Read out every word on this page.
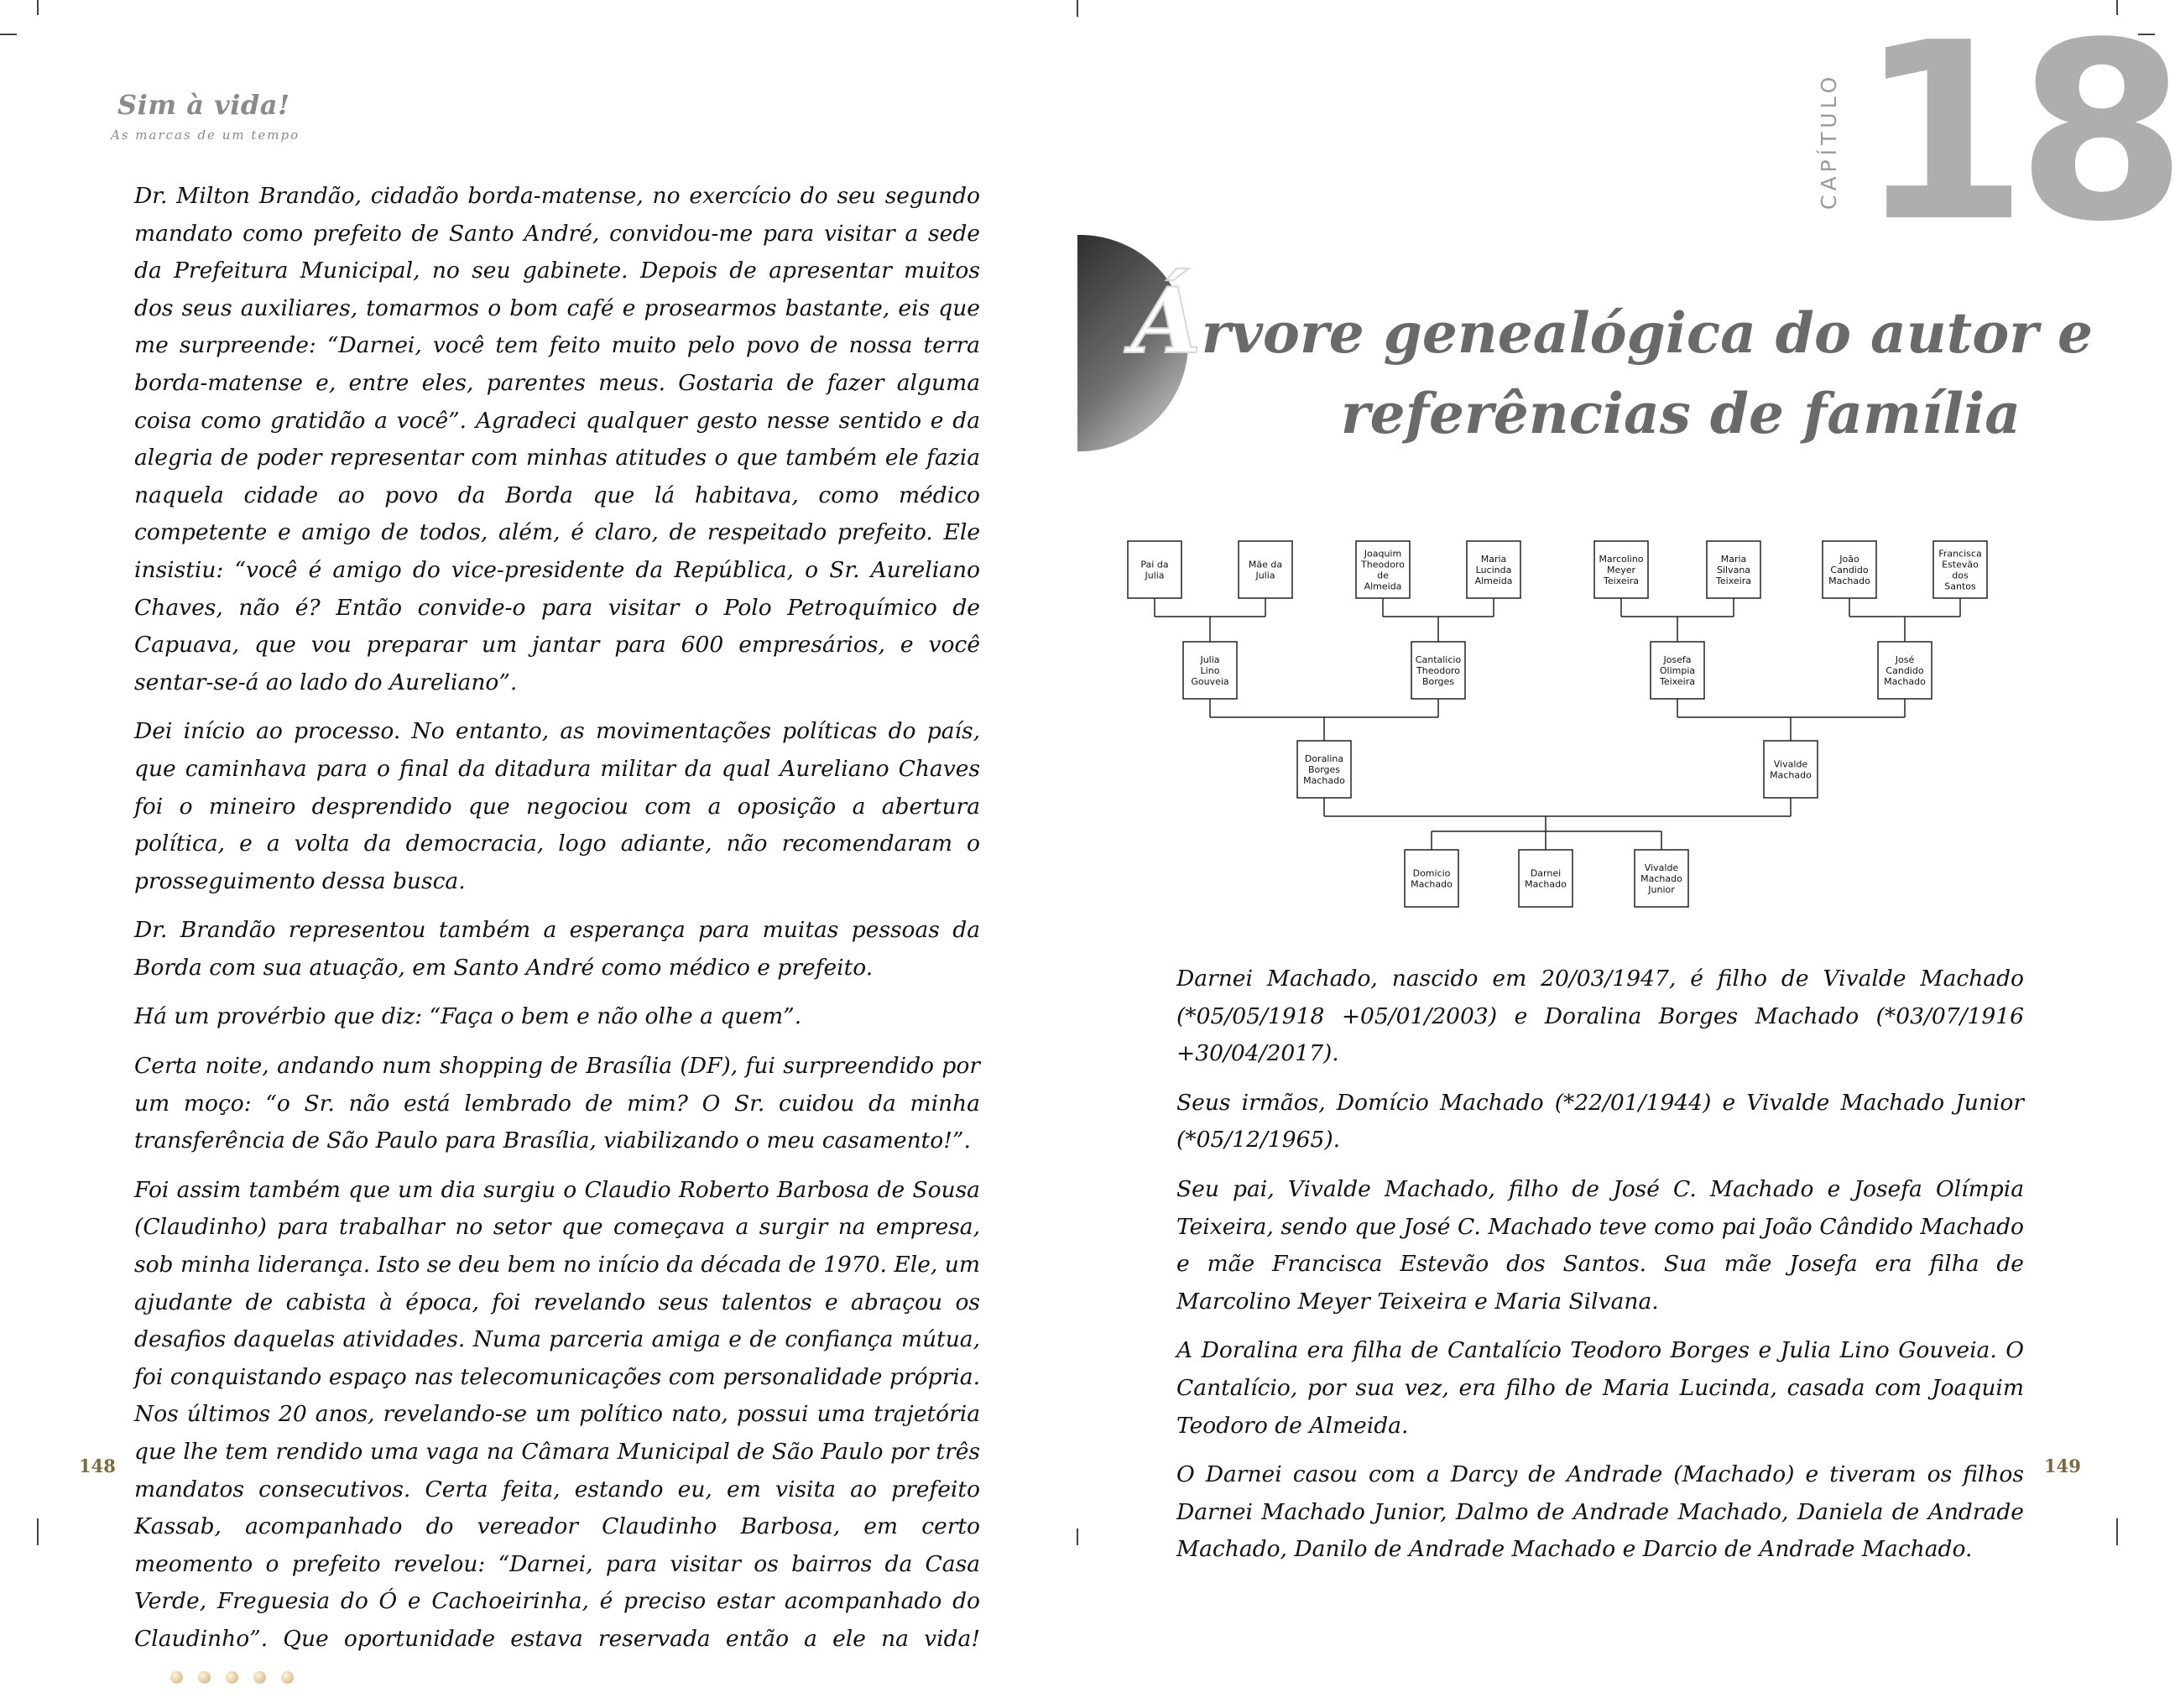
Sim à vida!
As marcas de um tempo

Dr. Milton Brandão, cidadão borda-matense, no exercício do seu segundo mandato como prefeito de Santo André, convidou-me para visitar a sede da Prefeitura Municipal, no seu gabinete. Depois de apresentar muitos dos seus auxiliares, tomarmos o bom café e prosearmos bastante, eis que me surpreende: “Darnei, você tem feito muito pelo povo de nossa terra borda-matense e, entre eles, parentes meus. Gostaria de fazer alguma coisa como gratidão a você”. Agradeci qualquer gesto nesse sentido e da alegria de poder representar com minhas atitudes o que também ele fazia naquela cidade ao povo da Borda que lá habitava, como médico competente e amigo de todos, além, é claro, de respeitado prefeito. Ele insistiu: “você é amigo do vice-presidente da República, o Sr. Aureliano Chaves, não é? Então convide-o para visitar o Polo Petroquímico de Capuava, que vou preparar um jantar para 600 empresários, e você sentar-se-á ao lado do Aureliano”.

Dei início ao processo. No entanto, as movimentações políticas do país, que caminhava para o final da ditadura militar da qual Aureliano Chaves foi o mineiro desprendido que negociou com a oposição a abertura política, e a volta da democracia, logo adiante, não recomendaram o prosseguimento dessa busca.

Dr. Brandão representou também a esperança para muitas pessoas da Borda com sua atuação, em Santo André como médico e prefeito.

Há um provérbio que diz: “Faça o bem e não olhe a quem”.

Certa noite, andando num shopping de Brasília (DF), fui surpreendido por um moço: “o Sr. não está lembrado de mim? O Sr. cuidou da minha transferência de São Paulo para Brasília, viabilizando o meu casamento!”.

Foi assim também que um dia surgiu o Claudio Roberto Barbosa de Sousa (Claudinho) para trabalhar no setor que começava a surgir na empresa, sob minha liderança. Isto se deu bem no início da década de 1970. Ele, um ajudante de cabista à época, foi revelando seus talentos e abraçou os desafios daquelas atividades. Numa parceria amiga e de confiança mútua, foi conquistando espaço nas telecomunicações com personalidade própria. Nos últimos 20 anos, revelando-se um político nato, possui uma trajetória que lhe tem rendido uma vaga na Câmara Municipal de São Paulo por três mandatos consecutivos. Certa feita, estando eu, em visita ao prefeito Kassab, acompanhado do vereador Claudinho Barbosa, em certo meomento o prefeito revelou: “Darnei, para visitar os bairros da Casa Verde, Freguesia do Ó e Cachoeirinha, é preciso estar acompanhado do Claudinho”. Que oportunidade estava reservada então a ele na vida!

148
CAPÍTULO 18
Árvore genealógica do autor e
referências de família
Pai da
Julia
Mãe da
Julia
Joaquim
Theodoro
de
Almeida
Maria
Lucinda
Almeida
Marcolino
Meyer
Teixeira
Maria
Silvana
Teixeira
João
Candido
Machado
Francisca
Estevão
dos
Santos
Julia
Lino
Gouveia
Cantalicio
Theodoro
Borges
Josefa
Olimpia
Teixeira
José
Candido
Machado
Doralina
Borges
Machado
Vivalde
Machado
Domicio
Machado
Darnei
Machado
Vivalde
Machado
Junior

Darnei Machado, nascido em 20/03/1947, é filho de Vivalde Machado (*05/05/1918 +05/01/2003) e Doralina Borges Machado (*03/07/1916 +30/04/2017).

Seus irmãos, Domício Machado (*22/01/1944) e Vivalde Machado Junior (*05/12/1965).

Seu pai, Vivalde Machado, filho de José C. Machado e Josefa Olímpia Teixeira, sendo que José C. Machado teve como pai João Cândido Machado e mãe Francisca Estevão dos Santos. Sua mãe Josefa era filha de Marcolino Meyer Teixeira e Maria Silvana.

A Doralina era filha de Cantalício Teodoro Borges e Julia Lino Gouveia. O Cantalício, por sua vez, era filho de Maria Lucinda, casada com Joaquim Teodoro de Almeida.

O Darnei casou com a Darcy de Andrade (Machado) e tiveram os filhos Darnei Machado Junior, Dalmo de Andrade Machado, Daniela de Andrade Machado, Danilo de Andrade Machado e Darcio de Andrade Machado.

149
